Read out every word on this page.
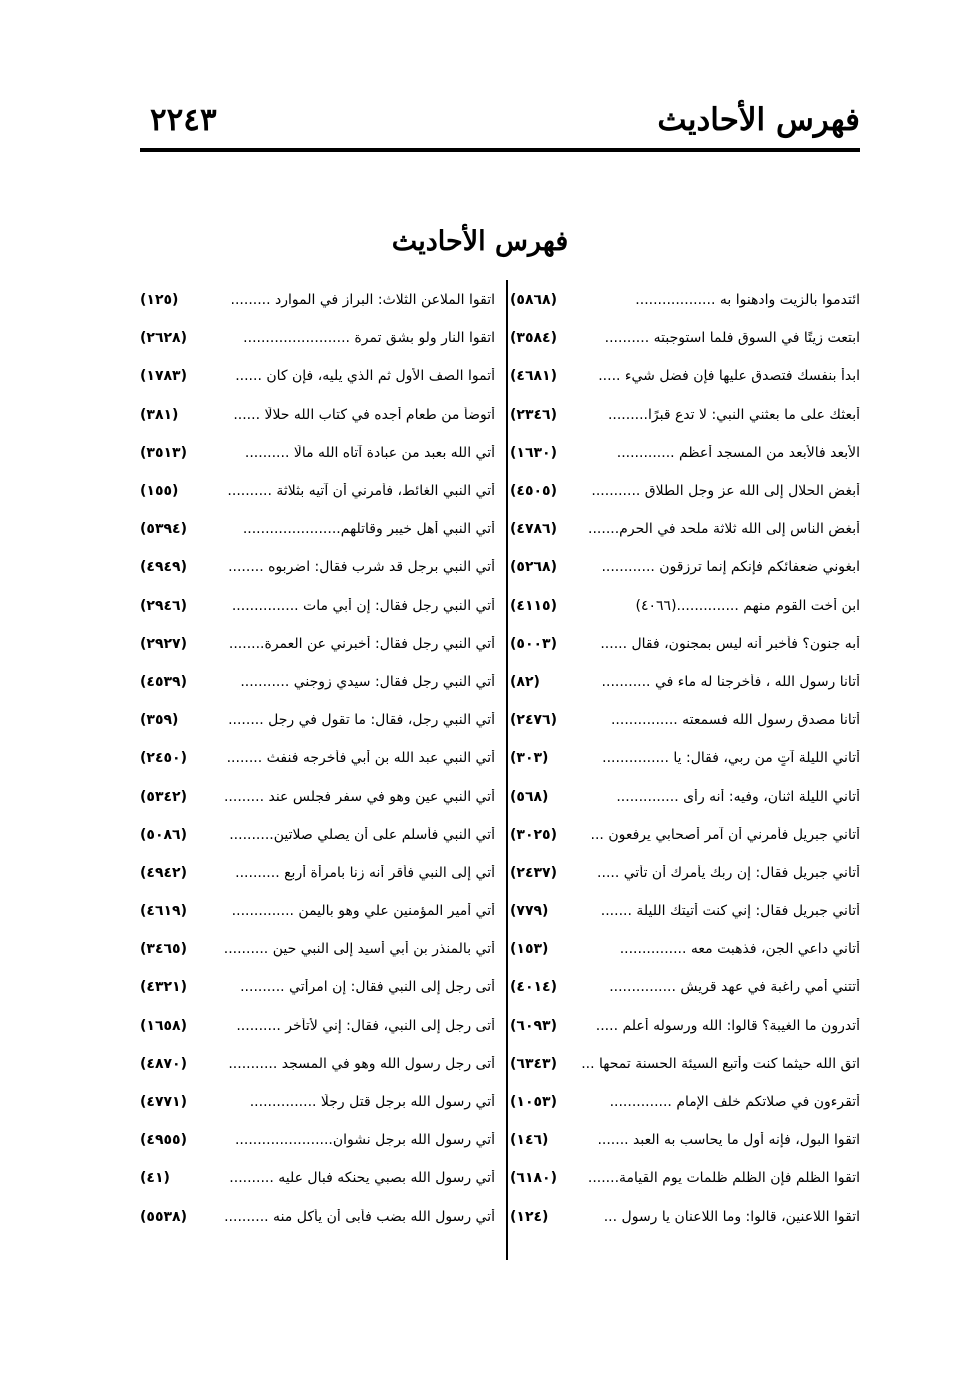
فهرس الأحاديث
٢٢٤٣
فهرس الأحاديث
ائتدموا بالزيت وادهنوا به ..................
(٥٨٦٨)
ابتعت زيتًا في السوق فلما استوجبته ..........
(٣٥٨٤)
ابدأ بنفسك فتصدق عليها فإن فضل شيء .....
(٤٦٨١)
أبعثك على ما بعثني النبي: لا تدع قبرًا.........
(٢٣٤٦)
الأبعد فالأبعد من المسجد أعظم .............
(١٦٣٠)
أبغض الحلال إلى الله عز وجل الطلاق ...........
(٤٥٠٥)
أبغض الناس إلى الله ثلاثة ملحد في الحرم.......
(٤٧٨٦)
ابغوني ضعفائكم فإنكم إنما ترزقون ............
(٥٢٦٨)
ابن أخت القوم منهم ..............(٤٠٦٦)
(٤١١٥)
أبه جنون؟ فأخبر أنه ليس بمجنون، فقال ......
(٥٠٠٣)
أتانا رسول الله ، فأخرجنا له ماء في ...........
(٨٢)
أتانا مصدق رسول الله فسمعته ...............
(٢٤٧٦)
أتاني الليلة آتٍ من ربي، فقال: يا ...............
(٣٠٣)
أتاني الليلة اثنان، وفيه: أنه رأى ..............
(٥٦٨)
أتاني جبريل فأمرني أن آمر أصحابي يرفعون ...
(٣٠٢٥)
أتاني جبريل فقال: إن ربك يأمرك أن تأتي .....
(٢٤٣٧)
أتاني جبريل فقال: إني كنت أتيتك الليلة .......
(٧٧٩)
أتاني داعي الجن، فذهبت معه ...............
(١٥٣)
أتتني أمي راغبة في عهد قريش ...............
(٤٠١٤)
أتدرون ما الغيبة؟ قالوا: الله ورسوله أعلم .....
(٦٠٩٣)
اتق الله حيثما كنت وأتبع السيئة الحسنة تمحها ...
(٦٣٤٣)
أتقرءون في صلاتكم خلف الإمام ..............
(١٠٥٣)
اتقوا البول، فإنه أول ما يحاسب به العبد .......
(١٤٦)
اتقوا الظلم فإن الظلم ظلمات يوم القيامة.......
(٦١٨٠)
اتقوا اللاعنين، قالوا: وما اللاعنان يا رسول ...
(١٢٤)
اتقوا الملاعن الثلاث: البراز في الموارد .........
(١٢٥)
اتقوا النار ولو بشق تمرة ........................
(٢٦٢٨)
أتموا الصف الأول ثم الذي يليه، فإن كان ......
(١٧٨٣)
أتوضأ من طعام أجده في كتاب الله حلالًا ......
(٣٨١)
أتي الله بعبد من عبادة آتاه الله مالًا ..........
(٣٥١٣)
أتي النبي الغائط، فأمرني أن آتيه بثلاثة ..........
(١٥٥)
أتي النبي أهل خيبر وقاتلهم......................
(٥٣٩٤)
أتي النبي برجل قد شرب فقال: اضربوه ........
(٤٩٤٩)
أتي النبي رجل فقال: إن أبي مات ...............
(٢٩٤٦)
أتي النبي رجل فقال: أخبرني عن العمرة........
(٢٩٢٧)
أتي النبي رجل فقال: سيدي زوجني ...........
(٤٥٣٩)
أتي النبي رجل، فقال: ما تقول في رجل ........
(٣٥٩)
أتي النبي عبد الله بن أبي فأخرجه فنفث ........
(٢٤٥٠)
أتي النبي عين وهو في سفر فجلس عند .........
(٥٣٤٢)
أتي النبي فأسلم على أن يصلي صلاتين..........
(٥٠٨٦)
أتي إلى النبي فأقر أنه زنا بامرأة أربع ..........
(٤٩٤٢)
أتي أمير المؤمنين علي وهو باليمن ..............
(٤٦١٩)
أتي بالمنذر بن أبي أسيد إلى النبي حين ..........
(٣٤٦٥)
أتى رجل إلى النبي فقال: إن امرأتي ..........
(٤٣٢١)
أتى رجل إلى النبي، فقال: إني لأتأخر ..........
(١٦٥٨)
أتى رجل رسول الله وهو في المسجد ...........
(٤٨٧٠)
أتي رسول الله برجل قتل رجلًا ...............
(٤٧٧١)
أتي رسول الله برجل نشوان......................
(٤٩٥٥)
أتي رسول الله بصبي يحنكه فبال عليه ..........
(٤١)
أتي رسول الله بضب فأبى أن يأكل منه ..........
(٥٥٣٨)
